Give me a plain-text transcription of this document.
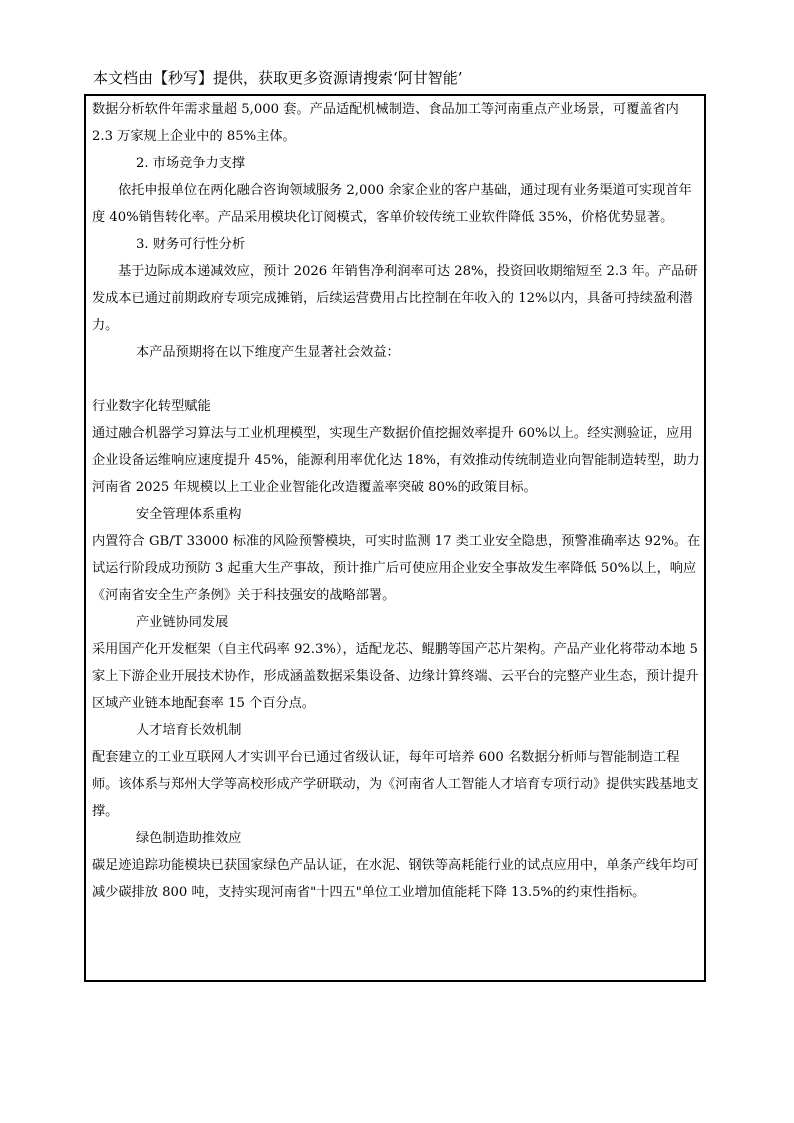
本文档由【秒写】提供，获取更多资源请搜索‘阿甘智能’

数据分析软件年需求量超 5,000 套。产品适配机械制造、食品加工等河南重点产业场景，可覆盖省内 2.3 万家规上企业中的 85%主体。

2. 市场竞争力支撑

依托申报单位在两化融合咨询领域服务 2,000 余家企业的客户基础，通过现有业务渠道可实现首年度 40%销售转化率。产品采用模块化订阅模式，客单价较传统工业软件降低 35%，价格优势显著。

3. 财务可行性分析

基于边际成本递减效应，预计 2026 年销售净利润率可达 28%，投资回收期缩短至 2.3 年。产品研发成本已通过前期政府专项完成摊销，后续运营费用占比控制在年收入的 12%以内，具备可持续盈利潜力。

本产品预期将在以下维度产生显著社会效益：

行业数字化转型赋能

通过融合机器学习算法与工业机理模型，实现生产数据价值挖掘效率提升 60%以上。经实测验证，应用企业设备运维响应速度提升 45%，能源利用率优化达 18%，有效推动传统制造业向智能制造转型，助力河南省 2025 年规模以上工业企业智能化改造覆盖率突破 80%的政策目标。

安全管理体系重构

内置符合 GB/T 33000 标准的风险预警模块，可实时监测 17 类工业安全隐患，预警准确率达 92%。在试运行阶段成功预防 3 起重大生产事故，预计推广后可使应用企业安全事故发生率降低 50%以上，响应《河南省安全生产条例》关于科技强安的战略部署。

产业链协同发展

采用国产化开发框架（自主代码率 92.3%），适配龙芯、鲲鹏等国产芯片架构。产品产业化将带动本地 5 家上下游企业开展技术协作，形成涵盖数据采集设备、边缘计算终端、云平台的完整产业生态，预计提升区域产业链本地配套率 15 个百分点。

人才培育长效机制

配套建立的工业互联网人才实训平台已通过省级认证，每年可培养 600 名数据分析师与智能制造工程师。该体系与郑州大学等高校形成产学研联动，为《河南省人工智能人才培育专项行动》提供实践基地支撑。

绿色制造助推效应

碳足迹追踪功能模块已获国家绿色产品认证，在水泥、钢铁等高耗能行业的试点应用中，单条产线年均可减少碳排放 800 吨，支持实现河南省"十四五"单位工业增加值能耗下降 13.5%的约束性指标。
